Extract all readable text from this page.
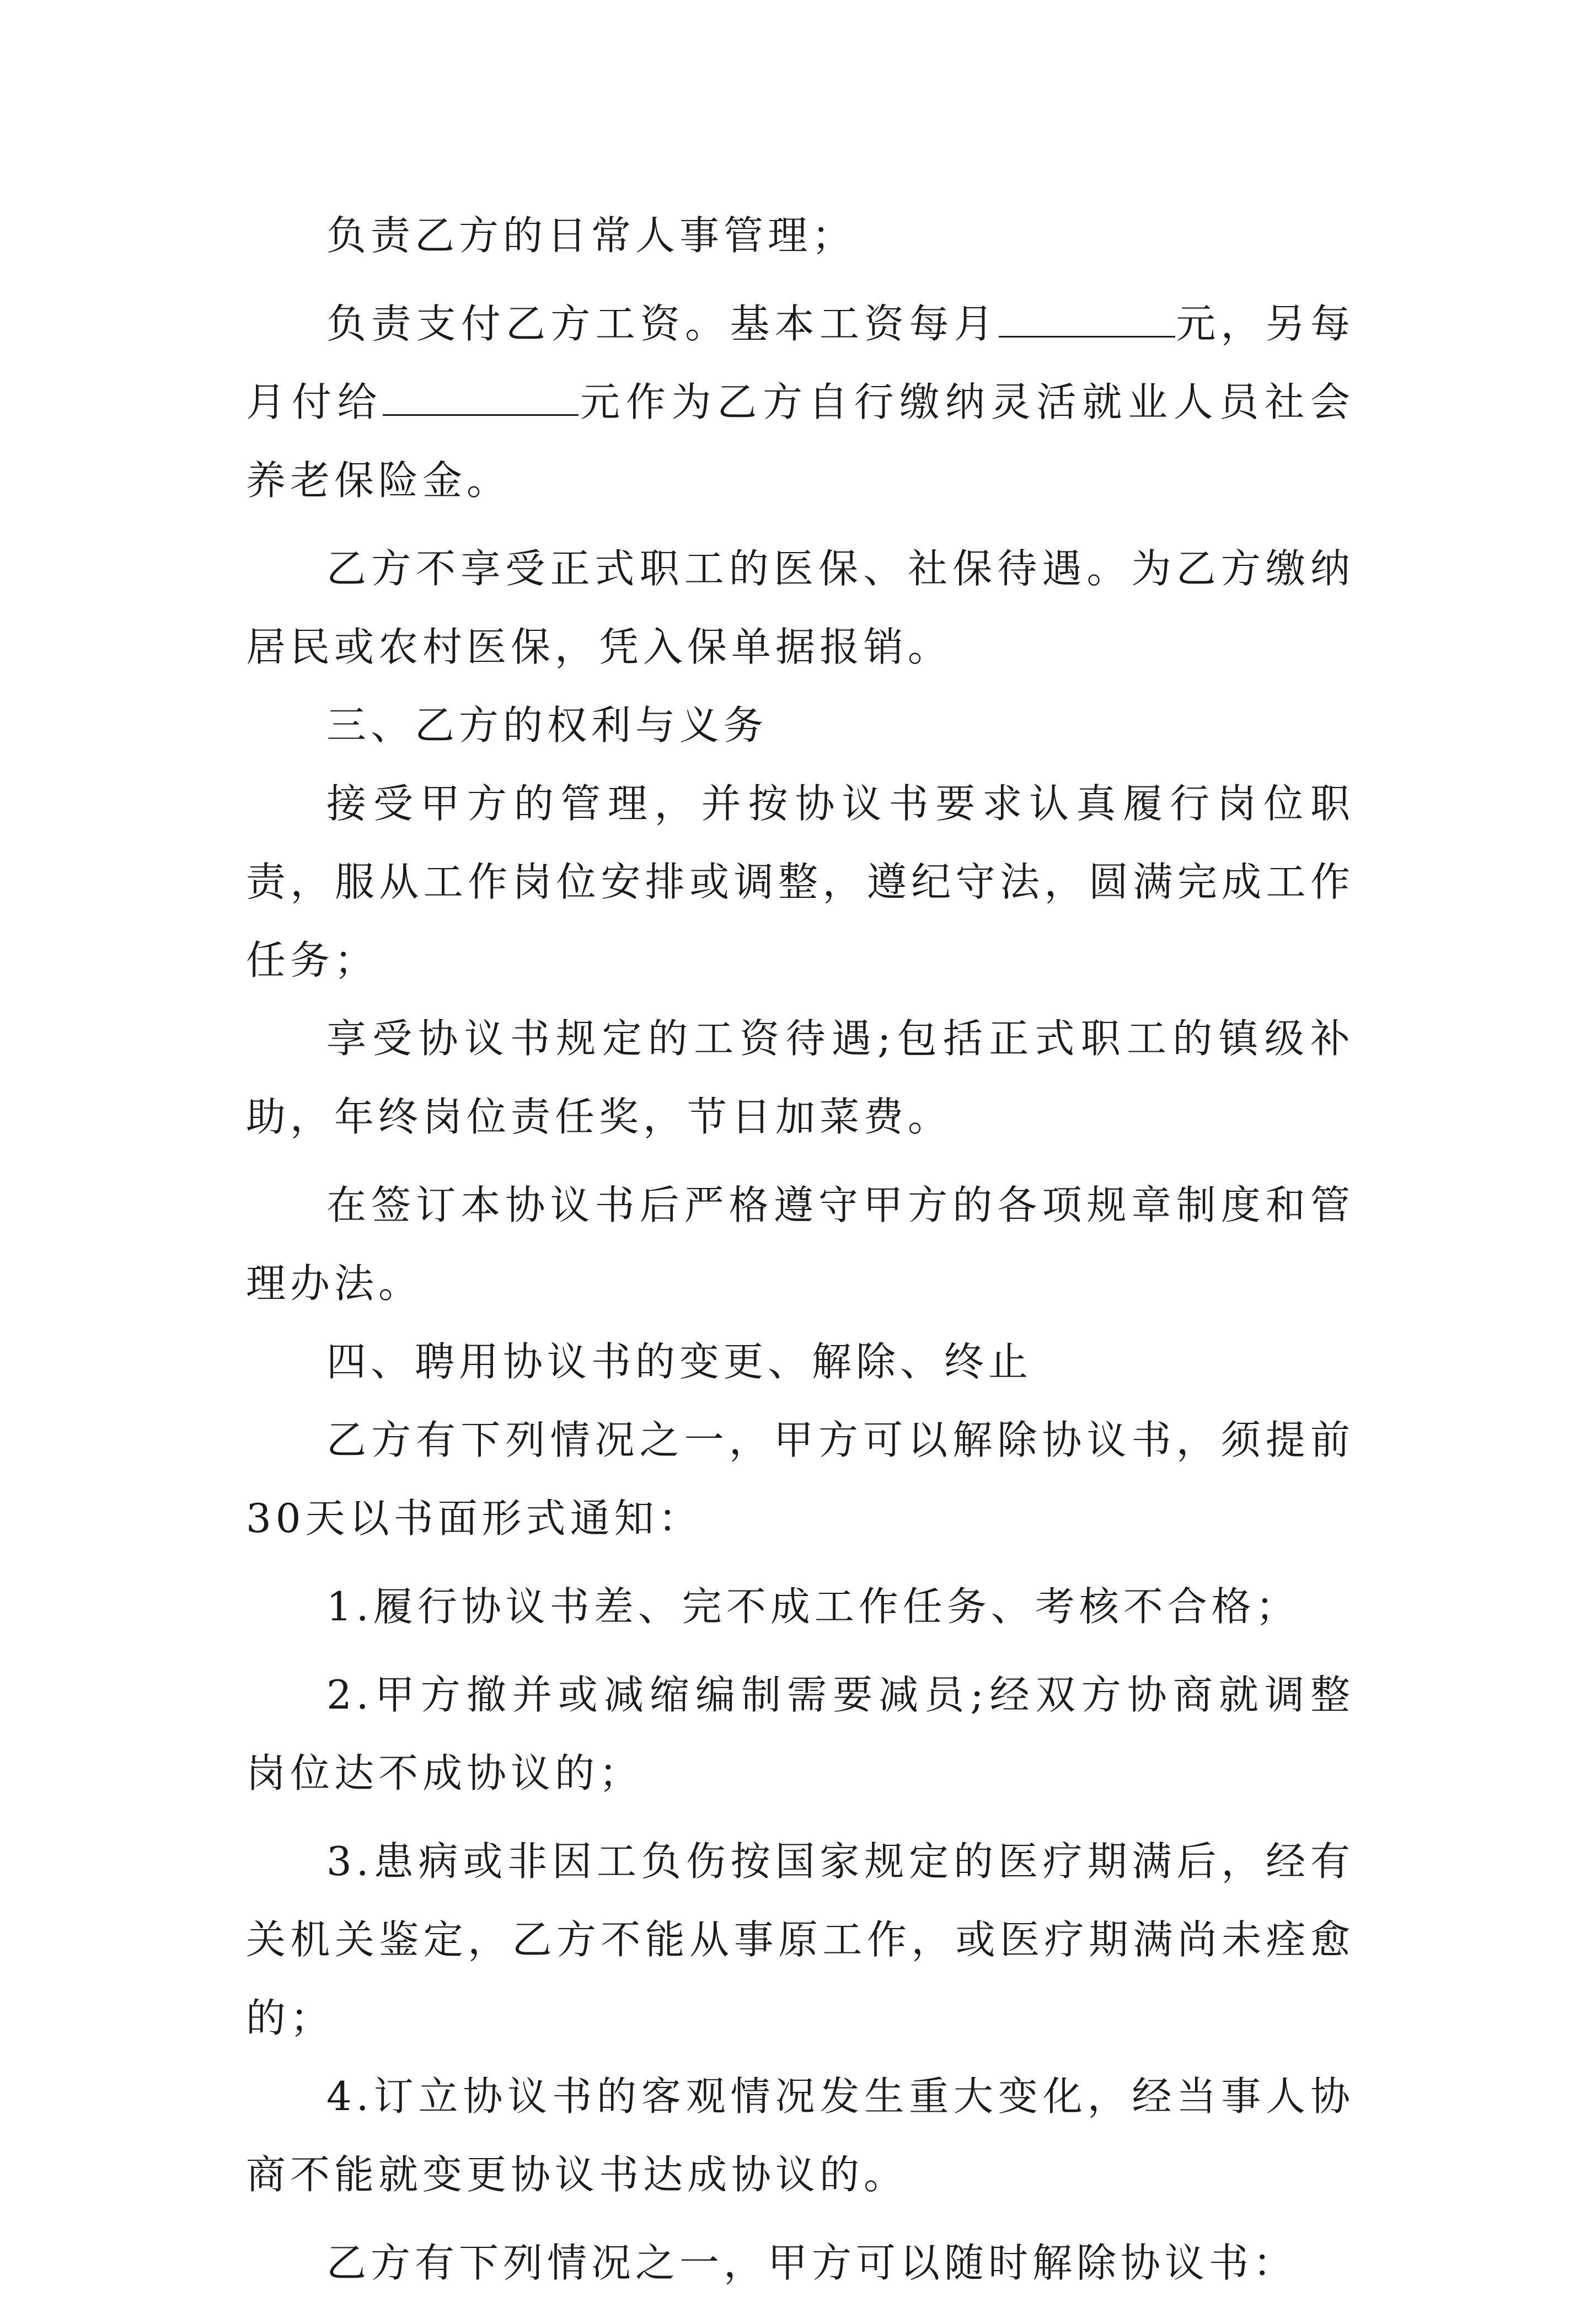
负责乙方的日常人事管理；

负责支付乙方工资。基本工资每月	元，另每月付给	元作为乙方自行缴纳灵活就业人员社会养老保险金。

乙方不享受正式职工的医保、社保待遇。为乙方缴纳居民或农村医保，凭入保单据报销。

三、乙方的权利与义务

接受甲方的管理，并按协议书要求认真履行岗位职责，服从工作岗位安排或调整，遵纪守法，圆满完成工作任务；

享受协议书规定的工资待遇;包括正式职工的镇级补助，年终岗位责任奖，节日加菜费。

在签订本协议书后严格遵守甲方的各项规章制度和管理办法。

四、聘用协议书的变更、解除、终止

乙方有下列情况之一，甲方可以解除协议书，须提前30天以书面形式通知：

1.履行协议书差、完不成工作任务、考核不合格；

2.甲方撤并或减缩编制需要减员;经双方协商就调整岗位达不成协议的；

3.患病或非因工负伤按国家规定的医疗期满后，经有关机关鉴定，乙方不能从事原工作，或医疗期满尚未痊愈的；

4.订立协议书的客观情况发生重大变化，经当事人协商不能就变更协议书达成协议的。

乙方有下列情况之一，甲方可以随时解除协议书：
